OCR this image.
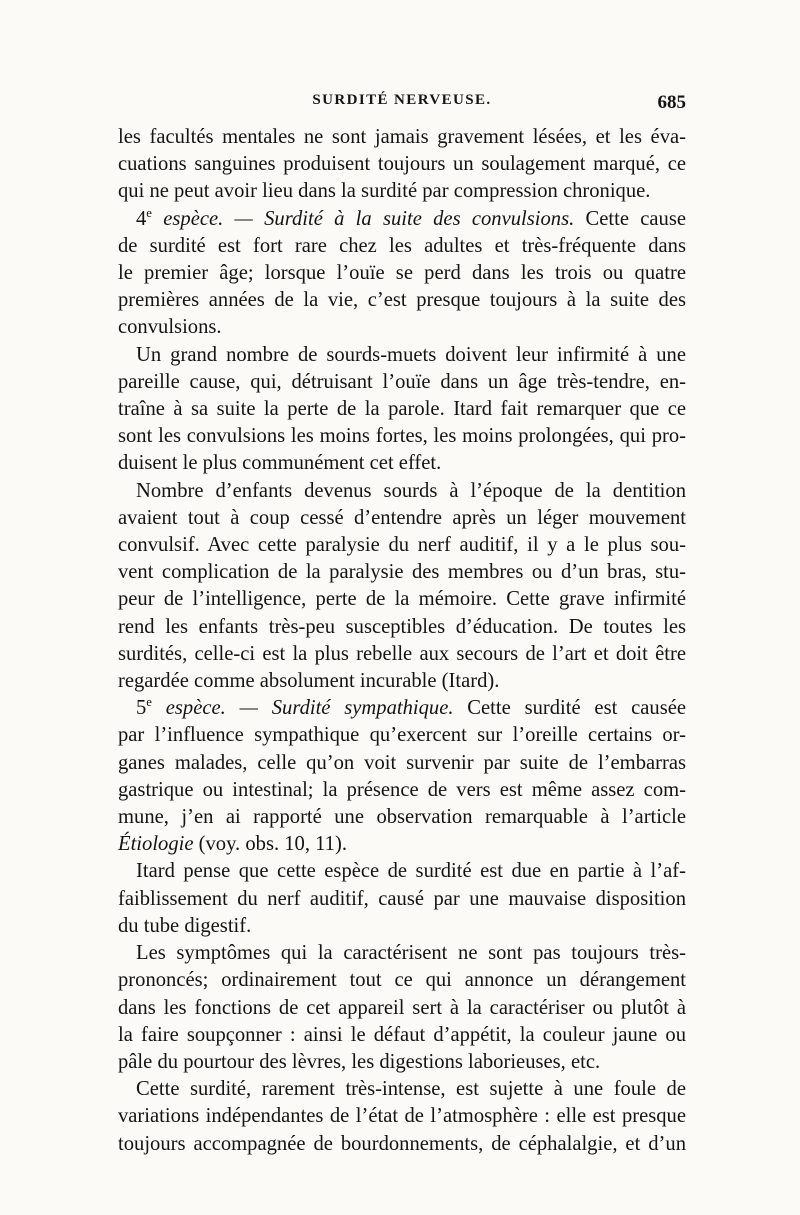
SURDITÉ NERVEUSE.	685
les facultés mentales ne sont jamais gravement lésées, et les éva-
cuations sanguines produisent toujours un soulagement marqué, ce
qui ne peut avoir lieu dans la surdité par compression chronique.
4e espèce. — Surdité à la suite des convulsions. Cette cause
de surdité est fort rare chez les adultes et très-fréquente dans
le premier âge; lorsque l’ouïe se perd dans les trois ou quatre
premières années de la vie, c’est presque toujours à la suite des
convulsions.
Un grand nombre de sourds-muets doivent leur infirmité à une
pareille cause, qui, détruisant l’ouïe dans un âge très-tendre, en-
traîne à sa suite la perte de la parole. Itard fait remarquer que ce
sont les convulsions les moins fortes, les moins prolongées, qui pro-
duisent le plus communément cet effet.
Nombre d’enfants devenus sourds à l’époque de la dentition
avaient tout à coup cessé d’entendre après un léger mouvement
convulsif. Avec cette paralysie du nerf auditif, il y a le plus sou-
vent complication de la paralysie des membres ou d’un bras, stu-
peur de l’intelligence, perte de la mémoire. Cette grave infirmité
rend les enfants très-peu susceptibles d’éducation. De toutes les
surdités, celle-ci est la plus rebelle aux secours de l’art et doit être
regardée comme absolument incurable (Itard).
5e espèce. — Surdité sympathique. Cette surdité est causée
par l’influence sympathique qu’exercent sur l’oreille certains or-
ganes malades, celle qu’on voit survenir par suite de l’embarras
gastrique ou intestinal; la présence de vers est même assez com-
mune, j’en ai rapporté une observation remarquable à l’article
Étiologie (voy. obs. 10, 11).
Itard pense que cette espèce de surdité est due en partie à l’af-
faiblissement du nerf auditif, causé par une mauvaise disposition
du tube digestif.
Les symptômes qui la caractérisent ne sont pas toujours très-
prononcés; ordinairement tout ce qui annonce un dérangement
dans les fonctions de cet appareil sert à la caractériser ou plutôt à
la faire soupçonner : ainsi le défaut d’appétit, la couleur jaune ou
pâle du pourtour des lèvres, les digestions laborieuses, etc.
Cette surdité, rarement très-intense, est sujette à une foule de
variations indépendantes de l’état de l’atmosphère : elle est presque
toujours accompagnée de bourdonnements, de céphalalgie, et d’un
